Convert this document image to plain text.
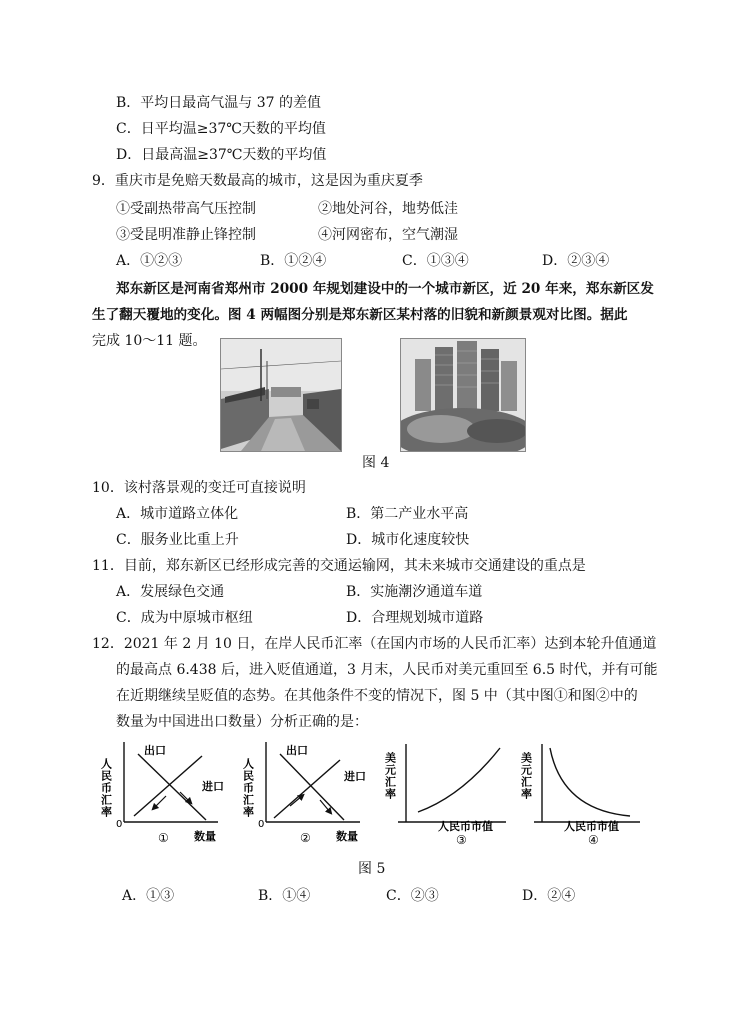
B．平均日最高气温与 37 的差值
C．日平均温≥37℃天数的平均值
D．日最高温≥37℃天数的平均值
9．重庆市是免赔天数最高的城市，这是因为重庆夏季
①受副热带高气压控制	②地处河谷，地势低洼
③受昆明准静止锋控制	④河网密布，空气潮湿
A．①②③	B．①②④	C．①③④	D．②③④
郑东新区是河南省郑州市 2000 年规划建设中的一个城市新区，近 20 年来，郑东新区发
生了翻天覆地的变化。图 4 两幅图分别是郑东新区某村落的旧貌和新颜景观对比图。据此
完成 10～11 题。
图 4
10．该村落景观的变迁可直接说明
A．城市道路立体化	B．第二产业水平高
C．服务业比重上升	D．城市化速度较快
11．目前，郑东新区已经形成完善的交通运输网，其未来城市交通建设的重点是
A．发展绿色交通	B．实施潮汐通道车道
C．成为中原城市枢纽	D．合理规划城市道路
12．2021 年 2 月 10 日，在岸人民币汇率（在国内市场的人民币汇率）达到本轮升值通道
的最高点 6.438 后，进入贬值通道，3 月末，人民币对美元重回至 6.5 时代，并有可能
在近期继续呈贬值的态势。在其他条件不变的情况下，图 5 中（其中图①和图②中的
数量为中国进出口数量）分析正确的是：
人民币汇率
0
出口
进口
① 数量
人民币汇率
0
出口
进口
② 数量
美元汇率
人民币市值
③
美元汇率
人民币市值
④
图 5
A．①③	B．①④	C．②③	D．②④
